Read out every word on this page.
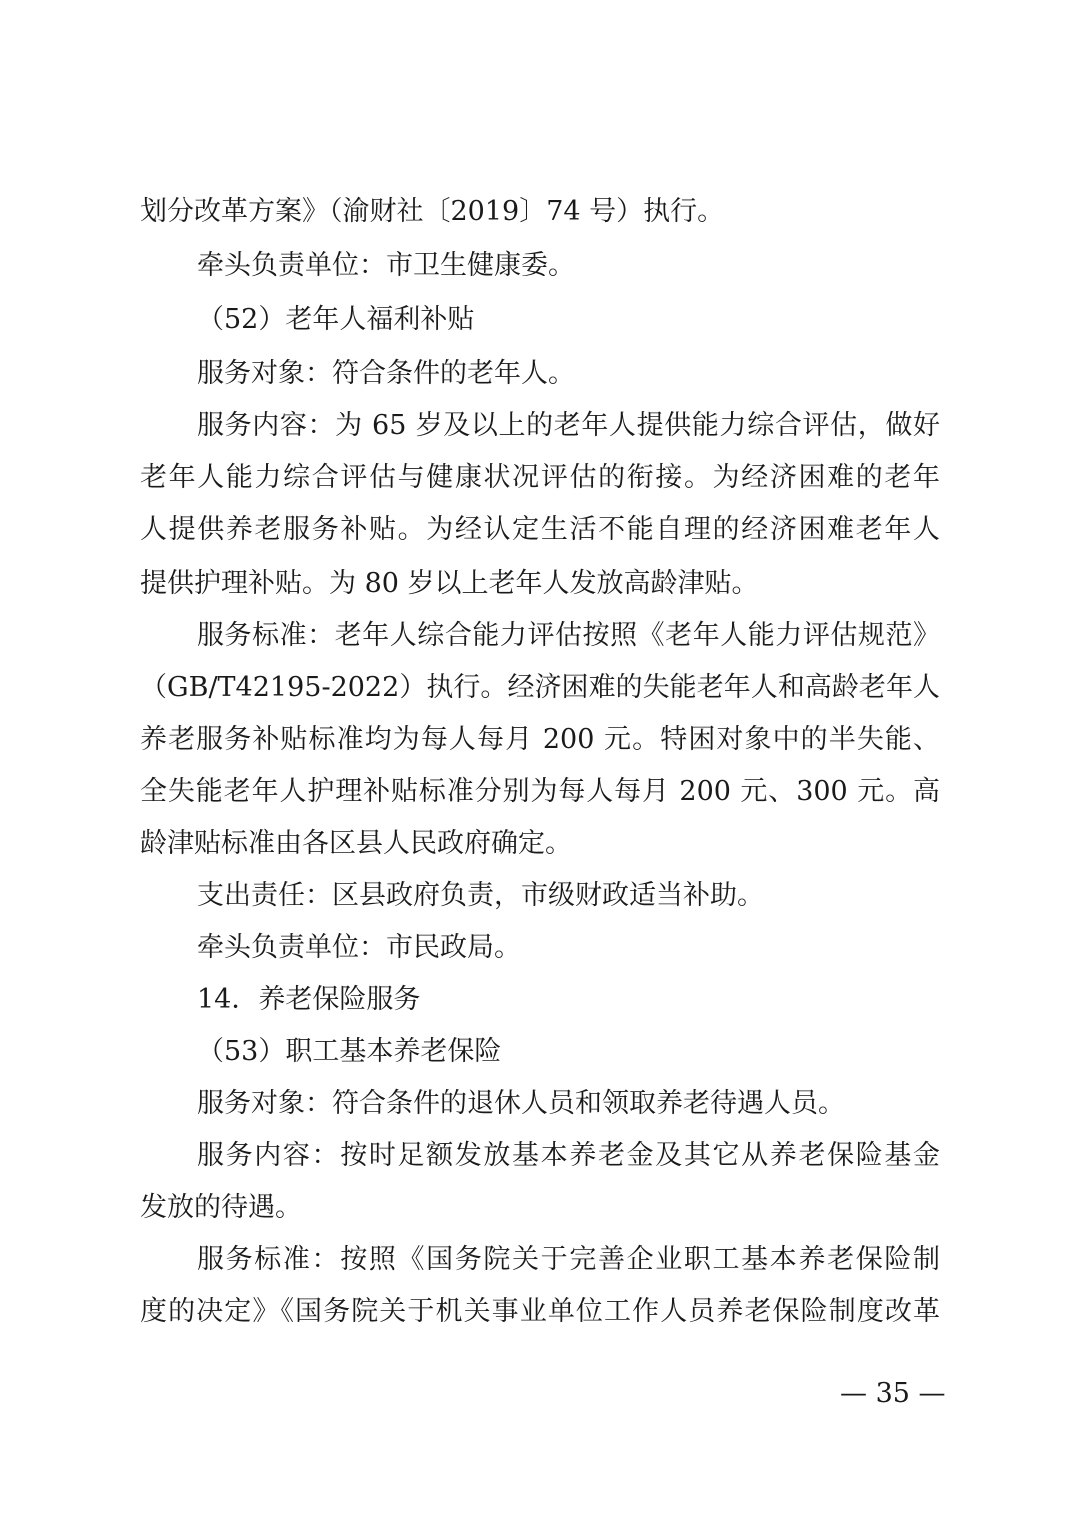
划分改革方案》（渝财社〔2019〕74 号）执行。
牵头负责单位：市卫生健康委。
（52）老年人福利补贴
服务对象：符合条件的老年人。
服务内容：为 65 岁及以上的老年人提供能力综合评估，做好
老年人能力综合评估与健康状况评估的衔接。为经济困难的老年
人提供养老服务补贴。为经认定生活不能自理的经济困难老年人
提供护理补贴。为 80 岁以上老年人发放高龄津贴。
服务标准：老年人综合能力评估按照《老年人能力评估规范》
（GB/T42195-2022）执行。经济困难的失能老年人和高龄老年人
养老服务补贴标准均为每人每月 200 元。特困对象中的半失能、
全失能老年人护理补贴标准分别为每人每月 200 元、300 元。高
龄津贴标准由各区县人民政府确定。
支出责任：区县政府负责，市级财政适当补助。
牵头负责单位：市民政局。
14．养老保险服务
（53）职工基本养老保险
服务对象：符合条件的退休人员和领取养老待遇人员。
服务内容：按时足额发放基本养老金及其它从养老保险基金
发放的待遇。
服务标准：按照《国务院关于完善企业职工基本养老保险制
度的决定》《国务院关于机关事业单位工作人员养老保险制度改革
— 35 —
